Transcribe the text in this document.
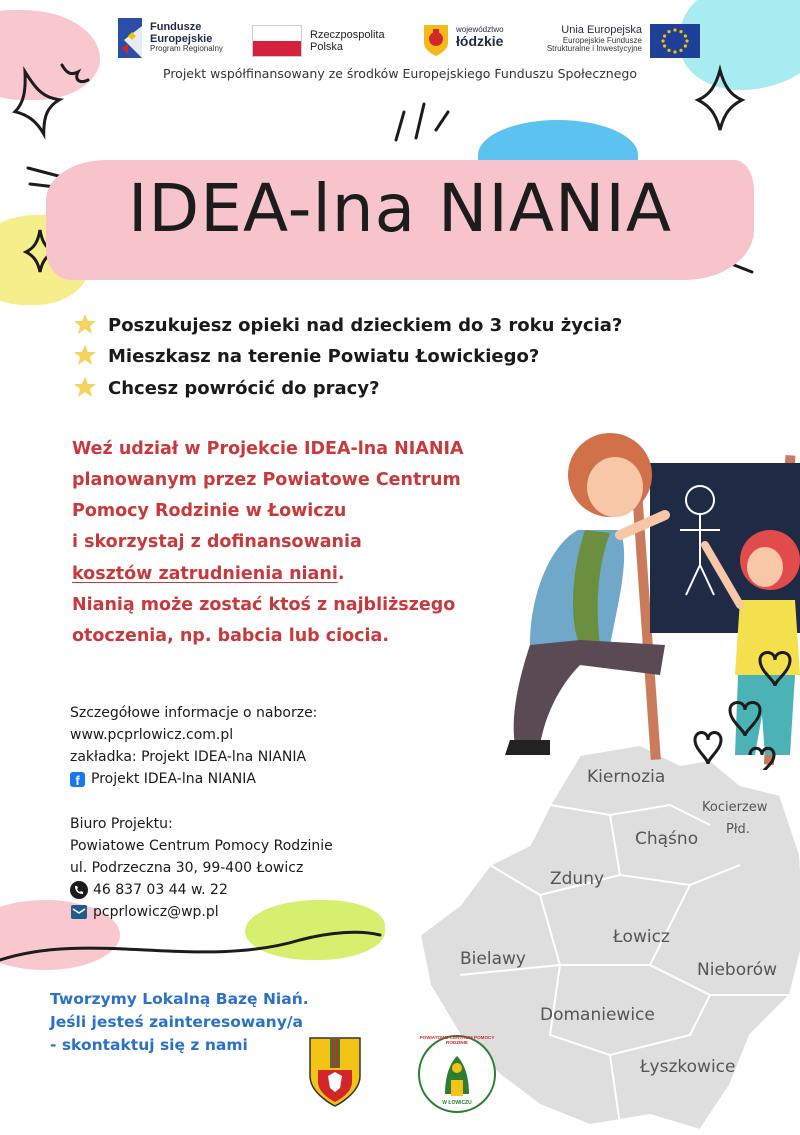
Fundusze
Europejskie
Program Regionalny
Rzeczpospolita
Polska
województwo
łódzkie
Unia Europejska
Europejskie Fundusze
Strukturalne i Inwestycyjne
Projekt współfinansowany ze środków Europejskiego Funduszu Społecznego
IDEA-lna NIANIA
Poszukujesz opieki nad dzieckiem do 3 roku życia?
Mieszkasz na terenie Powiatu Łowickiego?
Chcesz powrócić do pracy?
Weź udział w Projekcie IDEA-lna NIANIA
planowanym przez Powiatowe Centrum
Pomocy Rodzinie w Łowiczu
i skorzystaj z dofinansowania
kosztów zatrudnienia niani.
Nianią może zostać ktoś z najbliższego
otoczenia, np. babcia lub ciocia.
Kiernozia
Kocierzew
Płd.
Chąśno
Zduny
Łowicz
Bielawy
Nieborów
Domaniewice
Łyszkowice
Szczegółowe informacje o naborze:
www.pcprlowicz.com.pl
zakładka: Projekt IDEA-lna NIANIA
f Projekt IDEA-lna NIANIA
Biuro Projektu:
Powiatowe Centrum Pomocy Rodzinie
ul. Podrzeczna 30, 99-400 Łowicz
46 837 03 44 w. 22
pcprlowicz@wp.pl
Tworzymy Lokalną Bazę Niań.
Jeśli jesteś zainteresowany/a
- skontaktuj się z nami	POWIATOWE CENTRUM POMOCY RODZINIE
W ŁOWICZU
